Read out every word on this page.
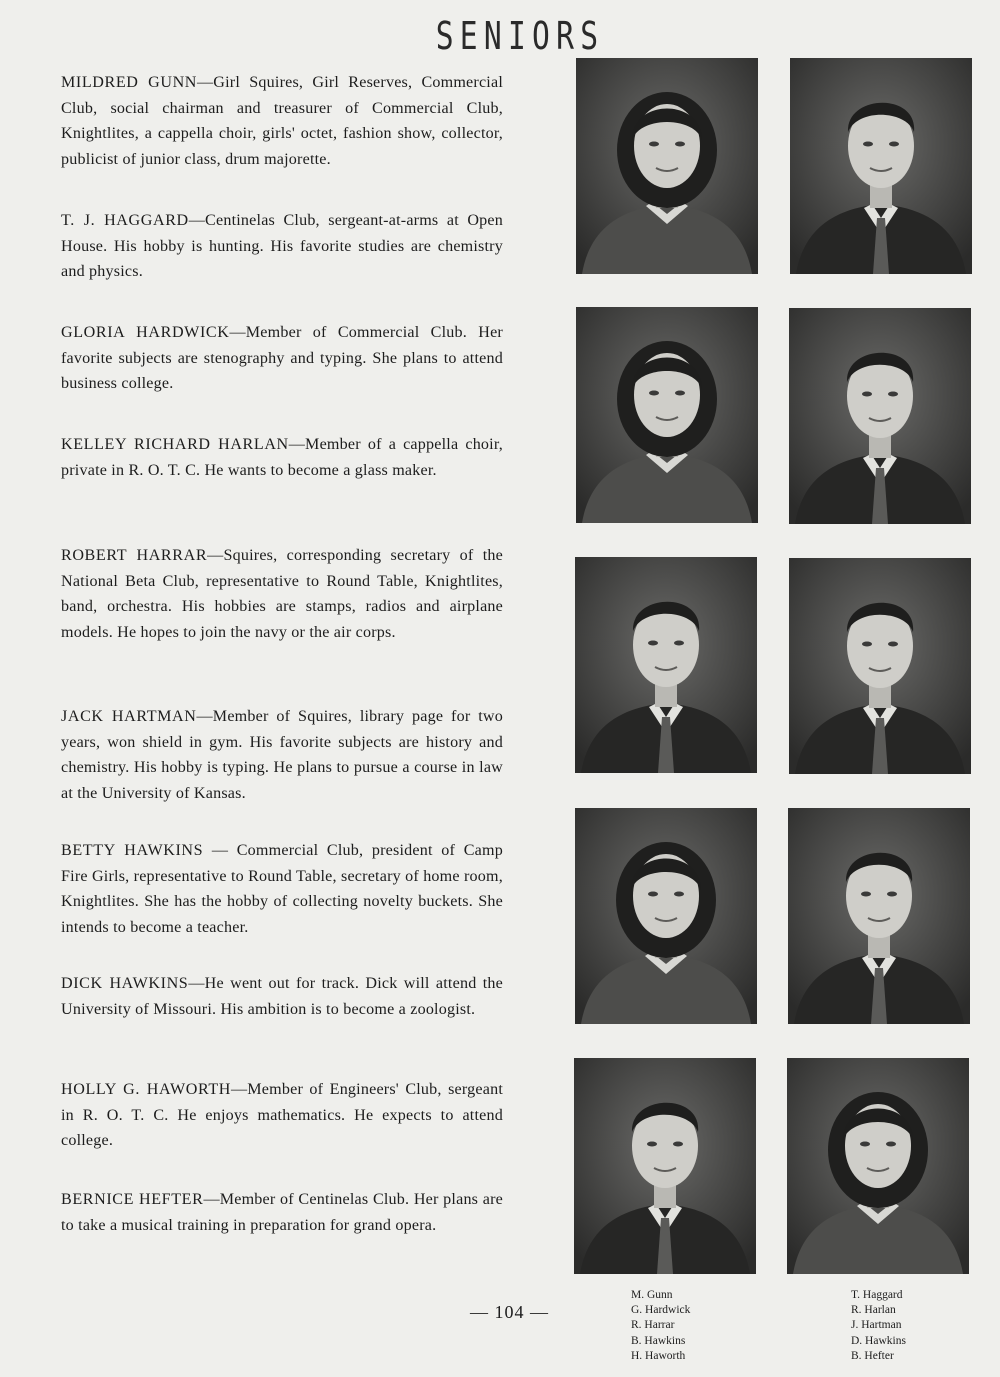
SENIORS

MILDRED GUNN—Girl Squires, Girl Reserves, Commercial Club, social chairman and treasurer of Commercial Club, Knightlites, a cappella choir, girls' octet, fashion show, collector, publicist of junior class, drum majorette.

T. J. HAGGARD—Centinelas Club, sergeant-at-arms at Open House. His hobby is hunting. His favorite studies are chemistry and physics.

GLORIA HARDWICK—Member of Commercial Club. Her favorite subjects are stenography and typing. She plans to attend business college.

KELLEY RICHARD HARLAN—Member of a cappella choir, private in R. O. T. C. He wants to become a glass maker.

ROBERT HARRAR—Squires, corresponding secretary of the National Beta Club, representative to Round Table, Knightlites, band, orchestra. His hobbies are stamps, radios and airplane models. He hopes to join the navy or the air corps.

JACK HARTMAN—Member of Squires, library page for two years, won shield in gym. His favorite subjects are history and chemistry. His hobby is typing. He plans to pursue a course in law at the University of Kansas.

BETTY HAWKINS — Commercial Club, president of Camp Fire Girls, representative to Round Table, secretary of home room, Knightlites. She has the hobby of collecting novelty buckets. She intends to become a teacher.

DICK HAWKINS—He went out for track. Dick will attend the University of Missouri. His ambition is to become a zoologist.

HOLLY G. HAWORTH—Member of Engineers' Club, sergeant in R. O. T. C. He enjoys mathematics. He expects to attend college.

BERNICE HEFTER—Member of Centinelas Club. Her plans are to take a musical training in preparation for grand opera.

— 104 —
M. Gunn
G. Hardwick
R. Harrar
B. Hawkins
H. Haworth
T. Haggard
R. Harlan
J. Hartman
D. Hawkins
B. Hefter
